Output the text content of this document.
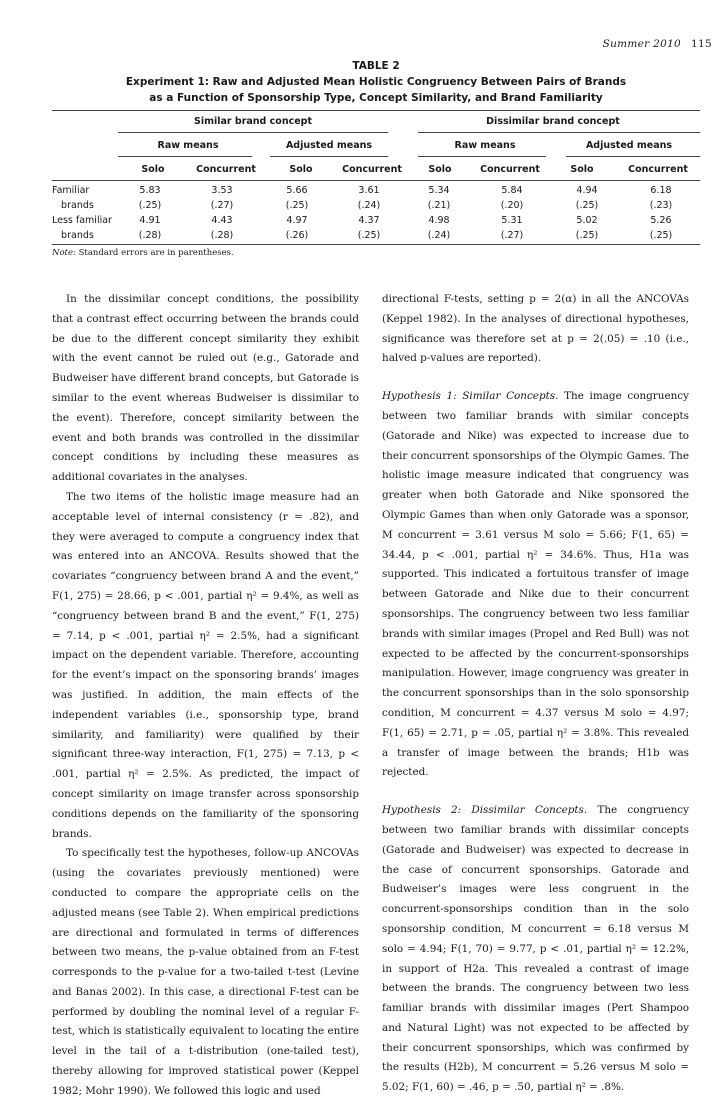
Summer 2010 115
TABLE 2
Experiment 1: Raw and Adjusted Mean Holistic Congruency Between Pairs of Brands
as a Function of Sponsorship Type, Concept Similarity, and Brand Familiarity
Similar brand concept	Dissimilar brand concept
Raw means	Adjusted means	Raw means	Adjusted means
Solo	Concurrent	Solo	Concurrent	Solo	Concurrent	Solo	Concurrent
Familiar	5.83	3.53	5.66	3.61	5.34	5.84	4.94	6.18
brands	(.25)	(.27)	(.25)	(.24)	(.21)	(.20)	(.25)	(.23)
Less familiar	4.91	4.43	4.97	4.37	4.98	5.31	5.02	5.26
brands	(.28)	(.28)	(.26)	(.25)	(.24)	(.27)	(.25)	(.25)
Note: Standard errors are in parentheses.

In the dissimilar concept conditions, the possibility that a contrast effect occurring between the brands could be due to the different concept similarity they exhibit with the event cannot be ruled out (e.g., Gatorade and Budweiser have different brand concepts, but Gatorade is similar to the event whereas Budweiser is dissimilar to the event). Therefore, concept similarity between the event and both brands was controlled in the dissimilar concept conditions by including these measures as additional covariates in the analyses.

The two items of the holistic image measure had an acceptable level of internal consistency (r = .82), and they were averaged to compute a congruency index that was entered into an ANCOVA. Results showed that the covariates “congruency between brand A and the event,” F(1, 275) = 28.66, p < .001, partial η² = 9.4%, as well as “congruency between brand B and the event,” F(1, 275) = 7.14, p < .001, partial η² = 2.5%, had a significant impact on the dependent variable. Therefore, accounting for the event’s impact on the sponsoring brands’ images was justified. In addition, the main effects of the independent variables (i.e., sponsorship type, brand similarity, and familiarity) were qualified by their significant three-way interaction, F(1, 275) = 7.13, p < .001, partial η² = 2.5%. As predicted, the impact of concept similarity on image transfer across sponsorship conditions depends on the familiarity of the sponsoring brands.

To specifically test the hypotheses, follow-up ANCOVAs (using the covariates previously mentioned) were conducted to compare the appropriate cells on the adjusted means (see Table 2). When empirical predictions are directional and formulated in terms of differences between two means, the p-value obtained from an F-test corresponds to the p-value for a two-tailed t-test (Levine and Banas 2002). In this case, a directional F-test can be performed by doubling the nominal level of a regular F-test, which is statistically equivalent to locating the entire level in the tail of a t-distribution (one-tailed test), thereby allowing for improved statistical power (Keppel 1982; Mohr 1990). We followed this logic and used

directional F-tests, setting p = 2(α) in all the ANCOVAs (Keppel 1982). In the analyses of directional hypotheses, significance was therefore set at p = 2(.05) = .10 (i.e., halved p-values are reported).

Hypothesis 1: Similar Concepts. The image congruency between two familiar brands with similar concepts (Gatorade and Nike) was expected to increase due to their concurrent sponsorships of the Olympic Games. The holistic image measure indicated that congruency was greater when both Gatorade and Nike sponsored the Olympic Games than when only Gatorade was a sponsor, M concurrent = 3.61 versus M solo = 5.66; F(1, 65) = 34.44, p < .001, partial η² = 34.6%. Thus, H1a was supported. This indicated a fortuitous transfer of image between Gatorade and Nike due to their concurrent sponsorships. The congruency between two less familiar brands with similar images (Propel and Red Bull) was not expected to be affected by the concurrent-sponsorships manipulation. However, image congruency was greater in the concurrent sponsorships than in the solo sponsorship condition, M concurrent = 4.37 versus M solo = 4.97; F(1, 65) = 2.71, p = .05, partial η² = 3.8%. This revealed a transfer of image between the brands; H1b was rejected.

Hypothesis 2: Dissimilar Concepts. The congruency between two familiar brands with dissimilar concepts (Gatorade and Budweiser) was expected to decrease in the case of concurrent sponsorships. Gatorade and Budweiser’s images were less congruent in the concurrent-sponsorships condition than in the solo sponsorship condition, M concurrent = 6.18 versus M solo = 4.94; F(1, 70) = 9.77, p < .01, partial η² = 12.2%, in support of H2a. This revealed a contrast of image between the brands. The congruency between two less familiar brands with dissimilar images (Pert Shampoo and Natural Light) was not expected to be affected by their concurrent sponsorships, which was confirmed by the results (H2b), M concurrent = 5.26 versus M solo = 5.02; F(1, 60) = .46, p = .50, partial η² = .8%.
